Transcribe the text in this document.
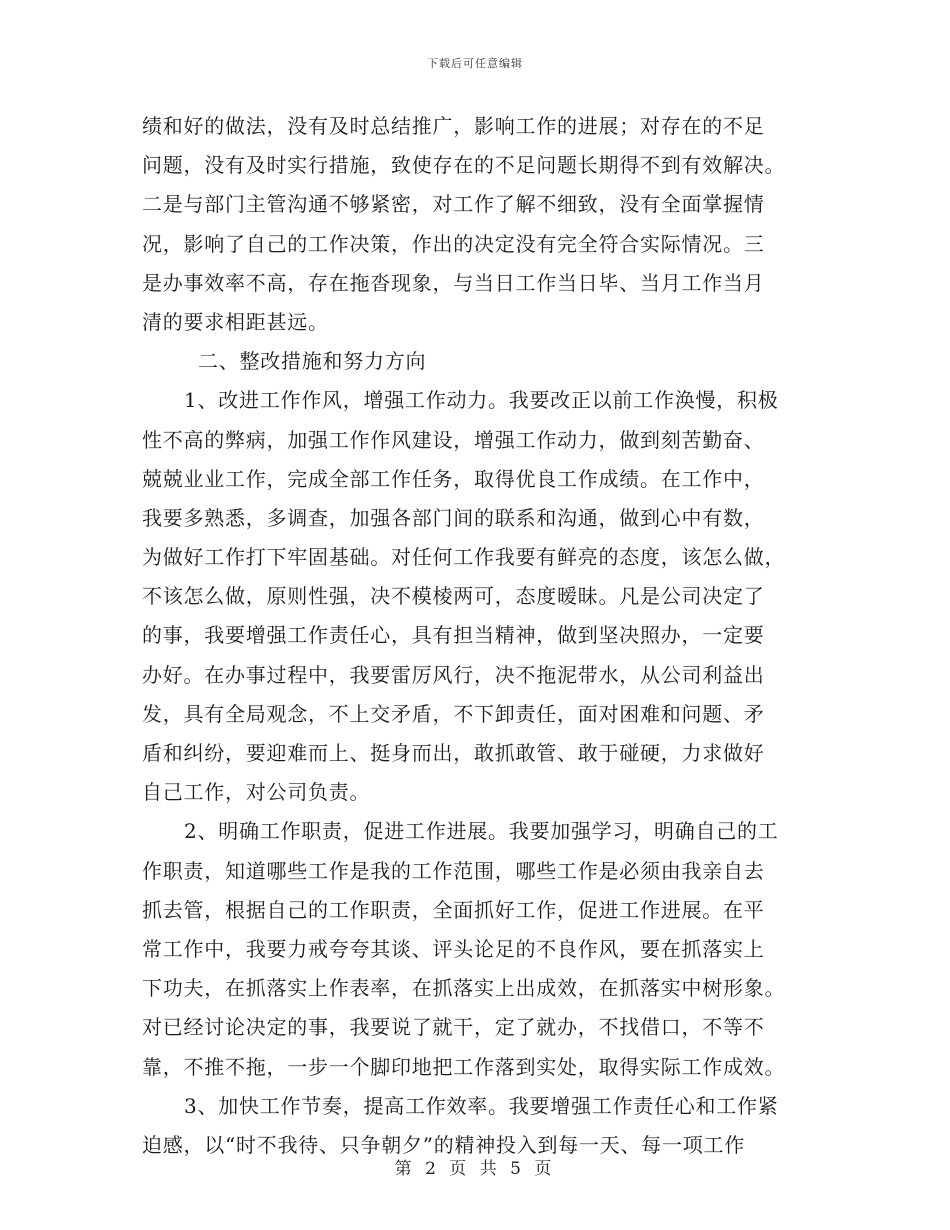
下载后可任意编辑
绩和好的做法，没有及时总结推广，影响工作的进展；对存在的不足
问题，没有及时实行措施，致使存在的不足问题长期得不到有效解决。
二是与部门主管沟通不够紧密，对工作了解不细致，没有全面掌握情
况，影响了自己的工作决策，作出的决定没有完全符合实际情况。三
是办事效率不高，存在拖沓现象，与当日工作当日毕、当月工作当月
清的要求相距甚远。
二、整改措施和努力方向
1、改进工作作风，增强工作动力。我要改正以前工作涣慢，积极
性不高的弊病，加强工作作风建设，增强工作动力，做到刻苦勤奋、
兢兢业业工作，完成全部工作任务，取得优良工作成绩。在工作中，
我要多熟悉，多调查，加强各部门间的联系和沟通，做到心中有数，
为做好工作打下牢固基础。对任何工作我要有鲜亮的态度，该怎么做，
不该怎么做，原则性强，决不模棱两可，态度暧昧。凡是公司决定了
的事，我要增强工作责任心，具有担当精神，做到坚决照办，一定要
办好。在办事过程中，我要雷厉风行，决不拖泥带水，从公司利益出
发，具有全局观念，不上交矛盾，不下卸责任，面对困难和问题、矛
盾和纠纷，要迎难而上、挺身而出，敢抓敢管、敢于碰硬，力求做好
自己工作，对公司负责。
2、明确工作职责，促进工作进展。我要加强学习，明确自己的工
作职责，知道哪些工作是我的工作范围，哪些工作是必须由我亲自去
抓去管，根据自己的工作职责，全面抓好工作，促进工作进展。在平
常工作中，我要力戒夸夸其谈、评头论足的不良作风，要在抓落实上
下功夫，在抓落实上作表率，在抓落实上出成效，在抓落实中树形象。
对已经讨论决定的事，我要说了就干，定了就办，不找借口，不等不
靠，不推不拖，一步一个脚印地把工作落到实处，取得实际工作成效。
3、加快工作节奏，提高工作效率。我要增强工作责任心和工作紧
迫感，以“时不我待、只争朝夕”的精神投入到每一天、每一项工作
第 2 页 共 5 页
